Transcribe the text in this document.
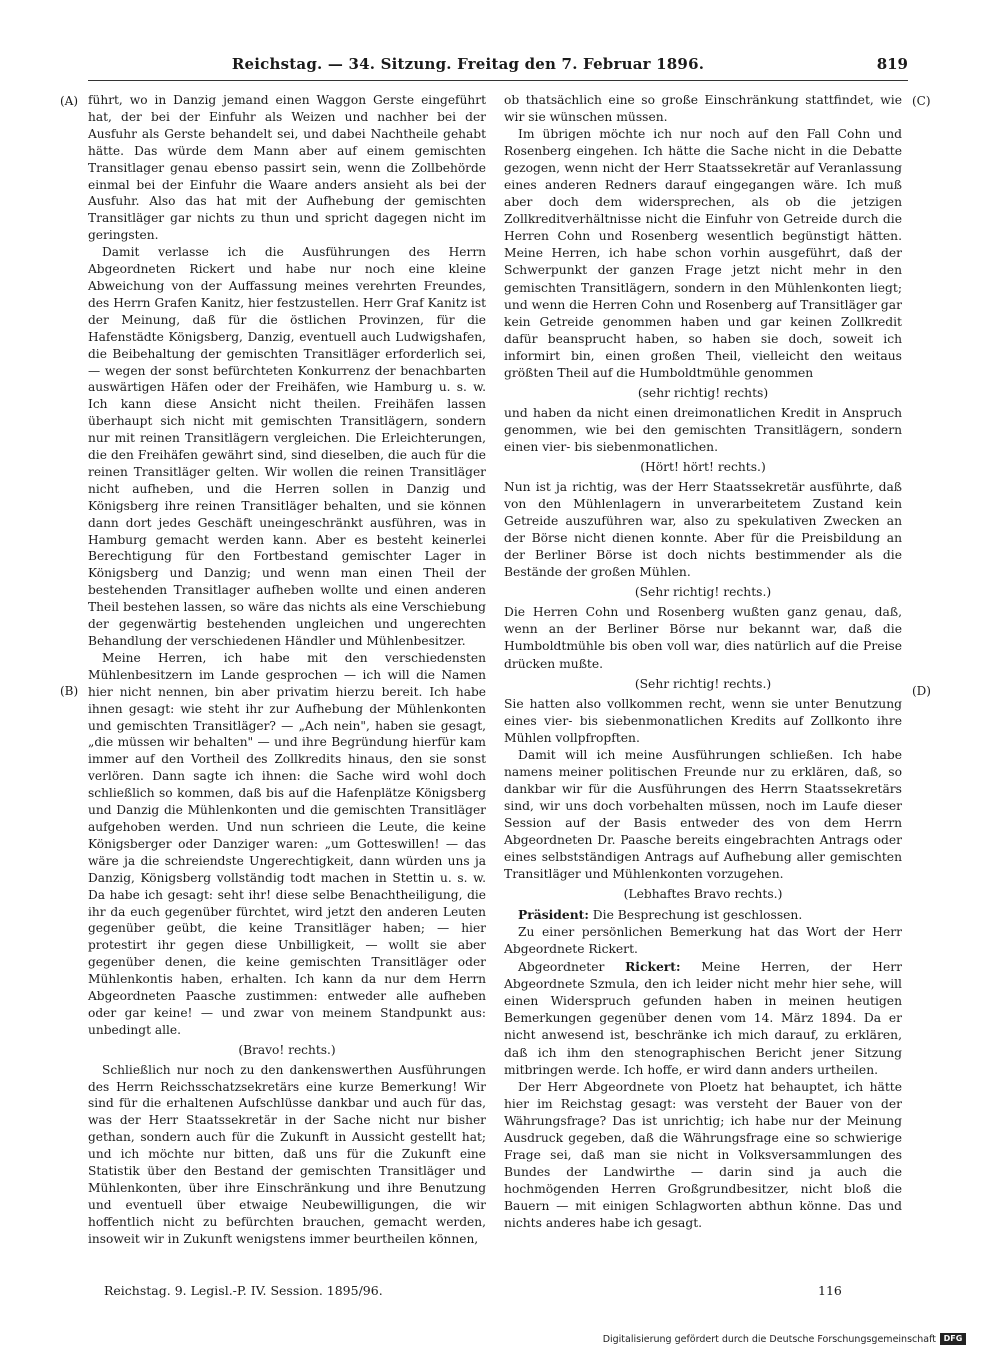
Reichstag. — 34. Sitzung. Freitag den 7. Februar 1896.	819
(A)
(B)
(C)
(D)

führt, wo in Danzig jemand einen Waggon Gerste eingeführt hat, der bei der Einfuhr als Weizen und nachher bei der Ausfuhr als Gerste behandelt sei, und dabei Nachtheile gehabt hätte. Das würde dem Mann aber auf einem gemischten Transitlager genau ebenso passirt sein, wenn die Zollbehörde einmal bei der Einfuhr die Waare anders ansieht als bei der Ausfuhr. Also das hat mit der Aufhebung der gemischten Transitläger gar nichts zu thun und spricht dagegen nicht im geringsten.

Damit verlasse ich die Ausführungen des Herrn Abgeordneten Rickert und habe nur noch eine kleine Abweichung von der Auffassung meines verehrten Freundes, des Herrn Grafen Kanitz, hier festzustellen. Herr Graf Kanitz ist der Meinung, daß für die östlichen Provinzen, für die Hafenstädte Königsberg, Danzig, eventuell auch Ludwigshafen, die Beibehaltung der gemischten Transitläger erforderlich sei, — wegen der sonst befürchteten Konkurrenz der benachbarten auswärtigen Häfen oder der Freihäfen, wie Hamburg u. s. w. Ich kann diese Ansicht nicht theilen. Freihäfen lassen überhaupt sich nicht mit gemischten Transitlägern, sondern nur mit reinen Transitlägern vergleichen. Die Erleichterungen, die den Freihäfen gewährt sind, sind dieselben, die auch für die reinen Transitläger gelten. Wir wollen die reinen Transitläger nicht aufheben, und die Herren sollen in Danzig und Königsberg ihre reinen Transitläger behalten, und sie können dann dort jedes Geschäft uneingeschränkt ausführen, was in Hamburg gemacht werden kann. Aber es besteht keinerlei Berechtigung für den Fortbestand gemischter Lager in Königsberg und Danzig; und wenn man einen Theil der bestehenden Transitlager aufheben wollte und einen anderen Theil bestehen lassen, so wäre das nichts als eine Verschiebung der gegenwärtig bestehenden ungleichen und ungerechten Behandlung der verschiedenen Händler und Mühlenbesitzer.

Meine Herren, ich habe mit den verschiedensten Mühlenbesitzern im Lande gesprochen — ich will die Namen hier nicht nennen, bin aber privatim hierzu bereit. Ich habe ihnen gesagt: wie steht ihr zur Aufhebung der Mühlenkonten und gemischten Transitläger? — „Ach nein", haben sie gesagt, „die müssen wir behalten" — und ihre Begründung hierfür kam immer auf den Vortheil des Zollkredits hinaus, den sie sonst verlören. Dann sagte ich ihnen: die Sache wird wohl doch schließlich so kommen, daß bis auf die Hafenplätze Königsberg und Danzig die Mühlenkonten und die gemischten Transitläger aufgehoben werden. Und nun schrieen die Leute, die keine Königsberger oder Danziger waren: „um Gotteswillen! — das wäre ja die schreiendste Ungerechtigkeit, dann würden uns ja Danzig, Königsberg vollständig todt machen in Stettin u. s. w. Da habe ich gesagt: seht ihr! diese selbe Benachtheiligung, die ihr da euch gegenüber fürchtet, wird jetzt den anderen Leuten gegenüber geübt, die keine Transitläger haben; — hier protestirt ihr gegen diese Unbilligkeit, — wollt sie aber gegenüber denen, die keine gemischten Transitläger oder Mühlenkontis haben, erhalten. Ich kann da nur dem Herrn Abgeordneten Paasche zustimmen: entweder alle aufheben oder gar keine! — und zwar von meinem Standpunkt aus: unbedingt alle.

(Bravo! rechts.)

Schließlich nur noch zu den dankenswerthen Ausführungen des Herrn Reichsschatzsekretärs eine kurze Bemerkung! Wir sind für die erhaltenen Aufschlüsse dankbar und auch für das, was der Herr Staatssekretär in der Sache nicht nur bisher gethan, sondern auch für die Zukunft in Aussicht gestellt hat; und ich möchte nur bitten, daß uns für die Zukunft eine Statistik über den Bestand der gemischten Transitläger und Mühlenkonten, über ihre Einschränkung und ihre Benutzung und eventuell über etwaige Neubewilligungen, die wir hoffentlich nicht zu befürchten brauchen, gemacht werden, insoweit wir in Zukunft wenigstens immer beurtheilen können,

ob thatsächlich eine so große Einschränkung stattfindet, wie wir sie wünschen müssen.

Im übrigen möchte ich nur noch auf den Fall Cohn und Rosenberg eingehen. Ich hätte die Sache nicht in die Debatte gezogen, wenn nicht der Herr Staatssekretär auf Veranlassung eines anderen Redners darauf eingegangen wäre. Ich muß aber doch dem widersprechen, als ob die jetzigen Zollkreditverhältnisse nicht die Einfuhr von Getreide durch die Herren Cohn und Rosenberg wesentlich begünstigt hätten. Meine Herren, ich habe schon vorhin ausgeführt, daß der Schwerpunkt der ganzen Frage jetzt nicht mehr in den gemischten Transitlägern, sondern in den Mühlenkonten liegt; und wenn die Herren Cohn und Rosenberg auf Transitläger gar kein Getreide genommen haben und gar keinen Zollkredit dafür beansprucht haben, so haben sie doch, soweit ich informirt bin, einen großen Theil, vielleicht den weitaus größten Theil auf die Humboldtmühle genommen

(sehr richtig! rechts)

und haben da nicht einen dreimonatlichen Kredit in Anspruch genommen, wie bei den gemischten Transitlägern, sondern einen vier- bis siebenmonatlichen.

(Hört! hört! rechts.)

Nun ist ja richtig, was der Herr Staatssekretär ausführte, daß von den Mühlenlagern in unverarbeitetem Zustand kein Getreide auszuführen war, also zu spekulativen Zwecken an der Börse nicht dienen konnte. Aber für die Preisbildung an der Berliner Börse ist doch nichts bestimmender als die Bestände der großen Mühlen.

(Sehr richtig! rechts.)

Die Herren Cohn und Rosenberg wußten ganz genau, daß, wenn an der Berliner Börse nur bekannt war, daß die Humboldtmühle bis oben voll war, dies natürlich auf die Preise drücken mußte.

(Sehr richtig! rechts.)

Sie hatten also vollkommen recht, wenn sie unter Benutzung eines vier- bis siebenmonatlichen Kredits auf Zollkonto ihre Mühlen vollpfropften.

Damit will ich meine Ausführungen schließen. Ich habe namens meiner politischen Freunde nur zu erklären, daß, so dankbar wir für die Ausführungen des Herrn Staatssekretärs sind, wir uns doch vorbehalten müssen, noch im Laufe dieser Session auf der Basis entweder des von dem Herrn Abgeordneten Dr. Paasche bereits eingebrachten Antrags oder eines selbstständigen Antrags auf Aufhebung aller gemischten Transitläger und Mühlenkonten vorzugehen.

(Lebhaftes Bravo rechts.)

Präsident: Die Besprechung ist geschlossen.

Zu einer persönlichen Bemerkung hat das Wort der Herr Abgeordnete Rickert.

Abgeordneter Rickert: Meine Herren, der Herr Abgeordnete Szmula, den ich leider nicht mehr hier sehe, will einen Widerspruch gefunden haben in meinen heutigen Bemerkungen gegenüber denen vom 14. März 1894. Da er nicht anwesend ist, beschränke ich mich darauf, zu erklären, daß ich ihm den stenographischen Bericht jener Sitzung mitbringen werde. Ich hoffe, er wird dann anders urtheilen.

Der Herr Abgeordnete von Ploetz hat behauptet, ich hätte hier im Reichstag gesagt: was versteht der Bauer von der Währungsfrage? Das ist unrichtig; ich habe nur der Meinung Ausdruck gegeben, daß die Währungsfrage eine so schwierige Frage sei, daß man sie nicht in Volksversammlungen des Bundes der Landwirthe — darin sind ja auch die hochmögenden Herren Großgrundbesitzer, nicht bloß die Bauern — mit einigen Schlagworten abthun könne. Das und nichts anderes habe ich gesagt.

Reichstag. 9. Legisl.-P. IV. Session. 1895/96.	116
Digitalisierung gefördert durch die Deutsche Forschungsgemeinschaft DFG
